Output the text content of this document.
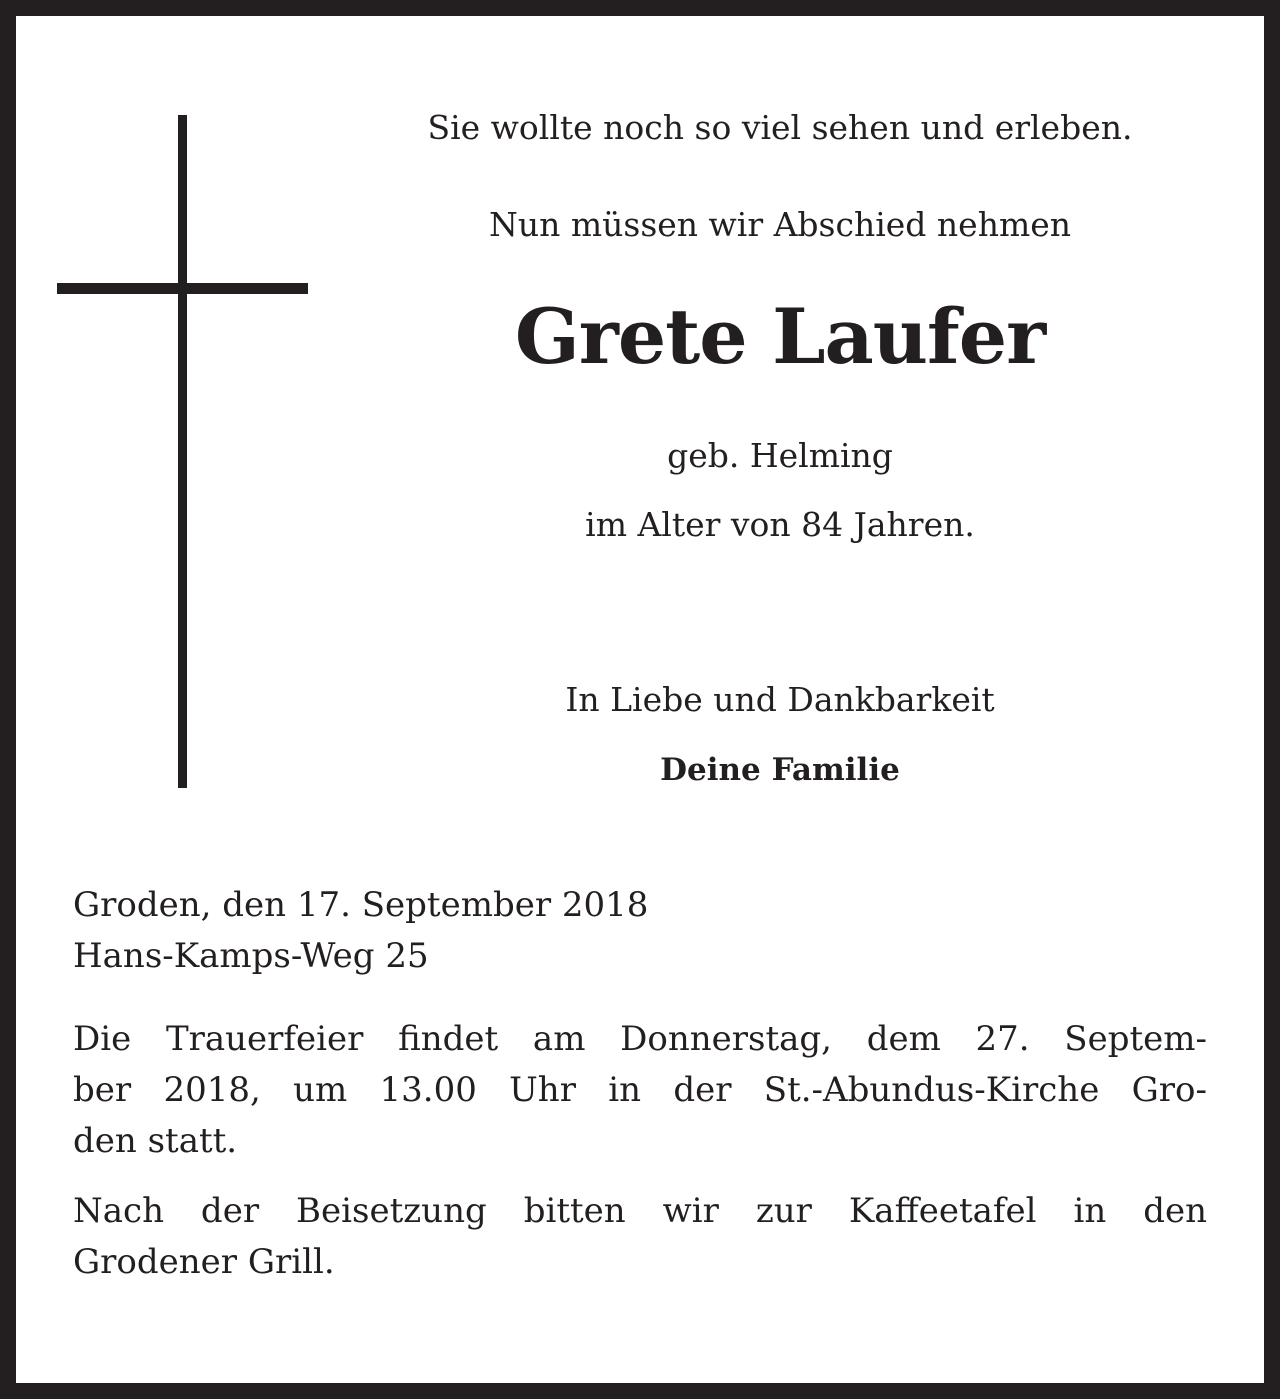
Sie wollte noch so viel sehen und erleben.
Nun müssen wir Abschied nehmen
Grete Laufer
geb. Helming
im Alter von 84 Jahren.
In Liebe und Dankbarkeit
Deine Familie
Groden, den 17. September 2018
Hans-Kamps-Weg 25
Die Trauerfeier findet am Donnerstag, dem 27. Septem-
ber 2018, um 13.00 Uhr in der St.-Abundus-Kirche Gro-
den statt.
Nach der Beisetzung bitten wir zur Kaffeetafel in den
Grodener Grill.
